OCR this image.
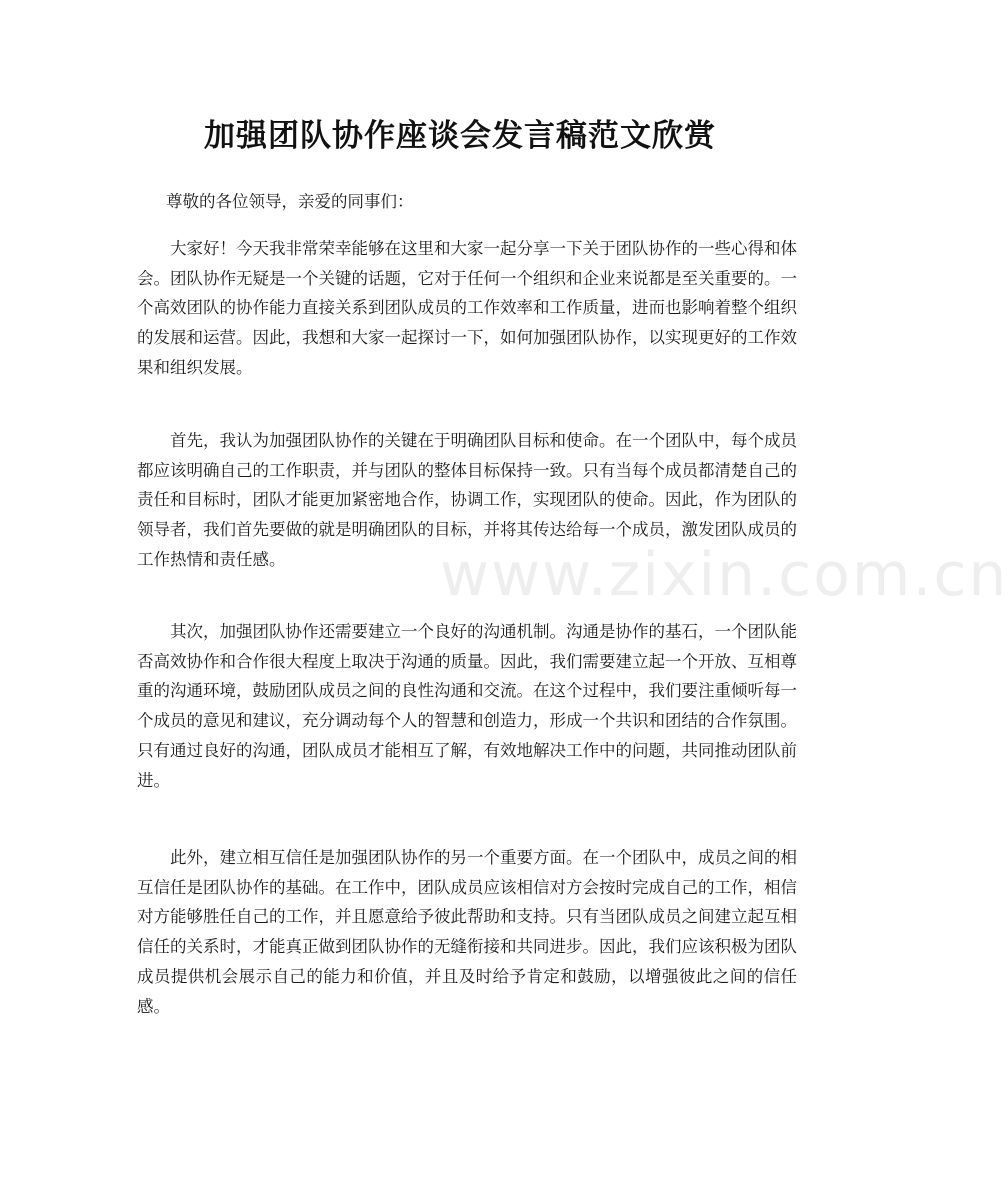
加强团队协作座谈会发言稿范文欣赏

尊敬的各位领导，亲爱的同事们：

大家好！今天我非常荣幸能够在这里和大家一起分享一下关于团队协作的一些心得和体会。团队协作无疑是一个关键的话题，它对于任何一个组织和企业来说都是至关重要的。一个高效团队的协作能力直接关系到团队成员的工作效率和工作质量，进而也影响着整个组织的发展和运营。因此，我想和大家一起探讨一下，如何加强团队协作，以实现更好的工作效果和组织发展。

首先，我认为加强团队协作的关键在于明确团队目标和使命。在一个团队中，每个成员都应该明确自己的工作职责，并与团队的整体目标保持一致。只有当每个成员都清楚自己的责任和目标时，团队才能更加紧密地合作，协调工作，实现团队的使命。因此，作为团队的领导者，我们首先要做的就是明确团队的目标，并将其传达给每一个成员，激发团队成员的工作热情和责任感。

其次，加强团队协作还需要建立一个良好的沟通机制。沟通是协作的基石，一个团队能否高效协作和合作很大程度上取决于沟通的质量。因此，我们需要建立起一个开放、互相尊重的沟通环境，鼓励团队成员之间的良性沟通和交流。在这个过程中，我们要注重倾听每一个成员的意见和建议，充分调动每个人的智慧和创造力，形成一个共识和团结的合作氛围。只有通过良好的沟通，团队成员才能相互了解，有效地解决工作中的问题，共同推动团队前进。

此外，建立相互信任是加强团队协作的另一个重要方面。在一个团队中，成员之间的相互信任是团队协作的基础。在工作中，团队成员应该相信对方会按时完成自己的工作，相信对方能够胜任自己的工作，并且愿意给予彼此帮助和支持。只有当团队成员之间建立起互相信任的关系时，才能真正做到团队协作的无缝衔接和共同进步。因此，我们应该积极为团队成员提供机会展示自己的能力和价值，并且及时给予肯定和鼓励，以增强彼此之间的信任感。

www.zixin.com.cn
